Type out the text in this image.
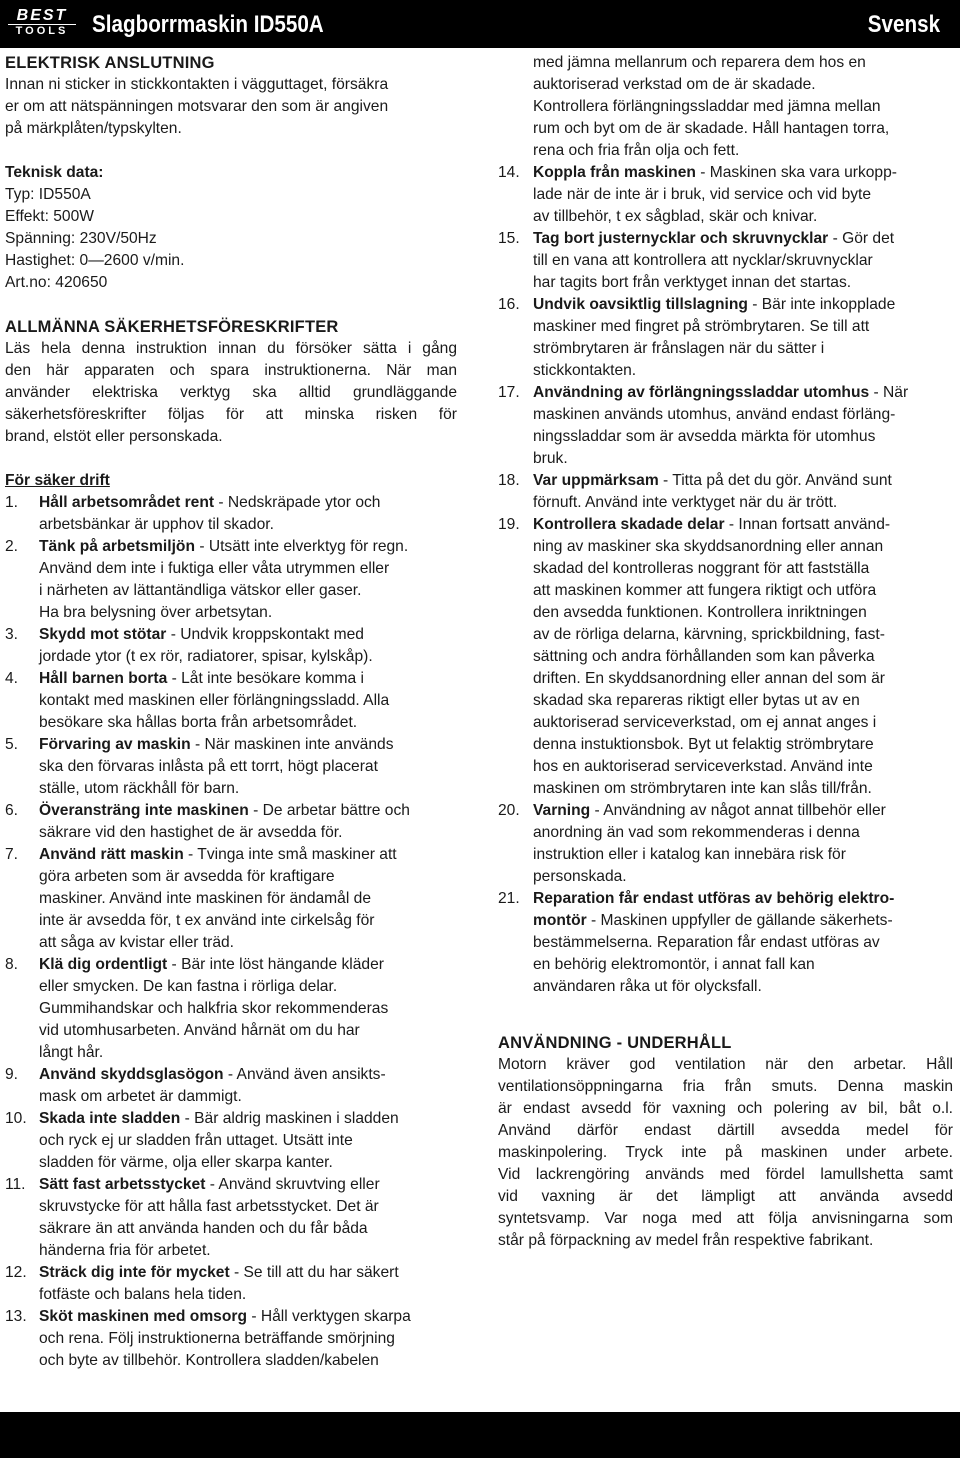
BEST
TOOLS Slagborrmaskin ID550A	Svensk
ELEKTRISK ANSLUTNING
Innan ni sticker in stickkontakten i vägguttaget, försäkra
er om att nätspänningen motsvarar den som är angiven
på märkplåten/typskylten.
Teknisk data:
Typ: ID550A
Effekt: 500W
Spänning: 230V/50Hz
Hastighet: 0—2600 v/min.
Art.no: 420650
ALLMÄNNA SÄKERHETSFÖRESKRIFTER
Läs hela denna instruktion innan du försöker sätta i gång
den här apparaten och spara instruktionerna. När man
använder elektriska verktyg ska alltid grundläggande
säkerhetsföreskrifter följas för att minska risken för
brand, elstöt eller personskada.
För säker drift
1. Håll arbetsområdet rent - Nedskräpade ytor och
arbetsbänkar är upphov til skador.
2. Tänk på arbetsmiljön - Utsätt inte elverktyg för regn.
Använd dem inte i fuktiga eller våta utrymmen eller
i närheten av lättantändliga vätskor eller gaser.
Ha bra belysning över arbetsytan.
3. Skydd mot stötar - Undvik kroppskontakt med
jordade ytor (t ex rör, radiatorer, spisar, kylskåp).
4. Håll barnen borta - Låt inte besökare komma i
kontakt med maskinen eller förlängningssladd. Alla
besökare ska hållas borta från arbetsområdet.
5. Förvaring av maskin - När maskinen inte används
ska den förvaras inlåsta på ett torrt, högt placerat
ställe, utom räckhåll för barn.
6. Överansträng inte maskinen - De arbetar bättre och
säkrare vid den hastighet de är avsedda för.
7. Använd rätt maskin - Tvinga inte små maskiner att
göra arbeten som är avsedda för kraftigare
maskiner. Använd inte maskinen för ändamål de
inte är avsedda för, t ex använd inte cirkelsåg för
att såga av kvistar eller träd.
8. Klä dig ordentligt - Bär inte löst hängande kläder
eller smycken. De kan fastna i rörliga delar.
Gummihandskar och halkfria skor rekommenderas
vid utomhusarbeten. Använd hårnät om du har
långt hår.
9. Använd skyddsglasögon - Använd även ansikts-
mask om arbetet är dammigt.
10. Skada inte sladden - Bär aldrig maskinen i sladden
och ryck ej ur sladden från uttaget. Utsätt inte
sladden för värme, olja eller skarpa kanter.
11. Sätt fast arbetsstycket - Använd skruvtving eller
skruvstycke för att hålla fast arbetsstycket. Det är
säkrare än att använda handen och du får båda
händerna fria för arbetet.
12. Sträck dig inte för mycket - Se till att du har säkert
fotfäste och balans hela tiden.
13. Sköt maskinen med omsorg - Håll verktygen skarpa
och rena. Följ instruktionerna beträffande smörjning
och byte av tillbehör. Kontrollera sladden/kabelen
med jämna mellanrum och reparera dem hos en
auktoriserad verkstad om de är skadade.
Kontrollera förlängningssladdar med jämna mellan
rum och byt om de är skadade. Håll hantagen torra,
rena och fria från olja och fett.
14. Koppla från maskinen - Maskinen ska vara urkopp-
lade när de inte är i bruk, vid service och vid byte
av tillbehör, t ex sågblad, skär och knivar.
15. Tag bort justernycklar och skruvnycklar - Gör det
till en vana att kontrollera att nycklar/skruvnycklar
har tagits bort från verktyget innan det startas.
16. Undvik oavsiktlig tillslagning - Bär inte inkopplade
maskiner med fingret på strömbrytaren. Se till att
strömbrytaren är frånslagen när du sätter i
stickkontakten.
17. Användning av förlängningssladdar utomhus - När
maskinen används utomhus, använd endast förläng-
ningssladdar som är avsedda märkta för utomhus
bruk.
18. Var uppmärksam - Titta på det du gör. Använd sunt
förnuft. Använd inte verktyget när du är trött.
19. Kontrollera skadade delar - Innan fortsatt använd-
ning av maskiner ska skyddsanordning eller annan
skadad del kontrolleras noggrant för att fastställa
att maskinen kommer att fungera riktigt och utföra
den avsedda funktionen. Kontrollera inriktningen
av de rörliga delarna, kärvning, sprickbildning, fast-
sättning och andra förhållanden som kan påverka
driften. En skyddsanordning eller annan del som är
skadad ska repareras riktigt eller bytas ut av en
auktoriserad serviceverkstad, om ej annat anges i
denna instuktionsbok. Byt ut felaktig strömbrytare
hos en auktoriserad serviceverkstad. Använd inte
maskinen om strömbrytaren inte kan slås till/från.
20. Varning - Användning av något annat tillbehör eller
anordning än vad som rekommenderas i denna
instruktion eller i katalog kan innebära risk för
personskada.
21. Reparation får endast utföras av behörig elektro-
montör - Maskinen uppfyller de gällande säkerhets-
bestämmelserna. Reparation får endast utföras av
en behörig elektromontör, i annat fall kan
användaren råka ut för olycksfall.
ANVÄNDNING - UNDERHÅLL
Motorn kräver god ventilation när den arbetar. Håll
ventilationsöppningarna fria från smuts. Denna maskin
är endast avsedd för vaxning och polering av bil, båt o.l.
Använd därför endast därtill avsedda medel för
maskinpolering. Tryck inte på maskinen under arbete.
Vid lackrengöring används med fördel lamullshetta samt
vid vaxning är det lämpligt att använda avsedd
syntetsvamp. Var noga med att följa anvisningarna som
står på förpackning av medel från respektive fabrikant.
